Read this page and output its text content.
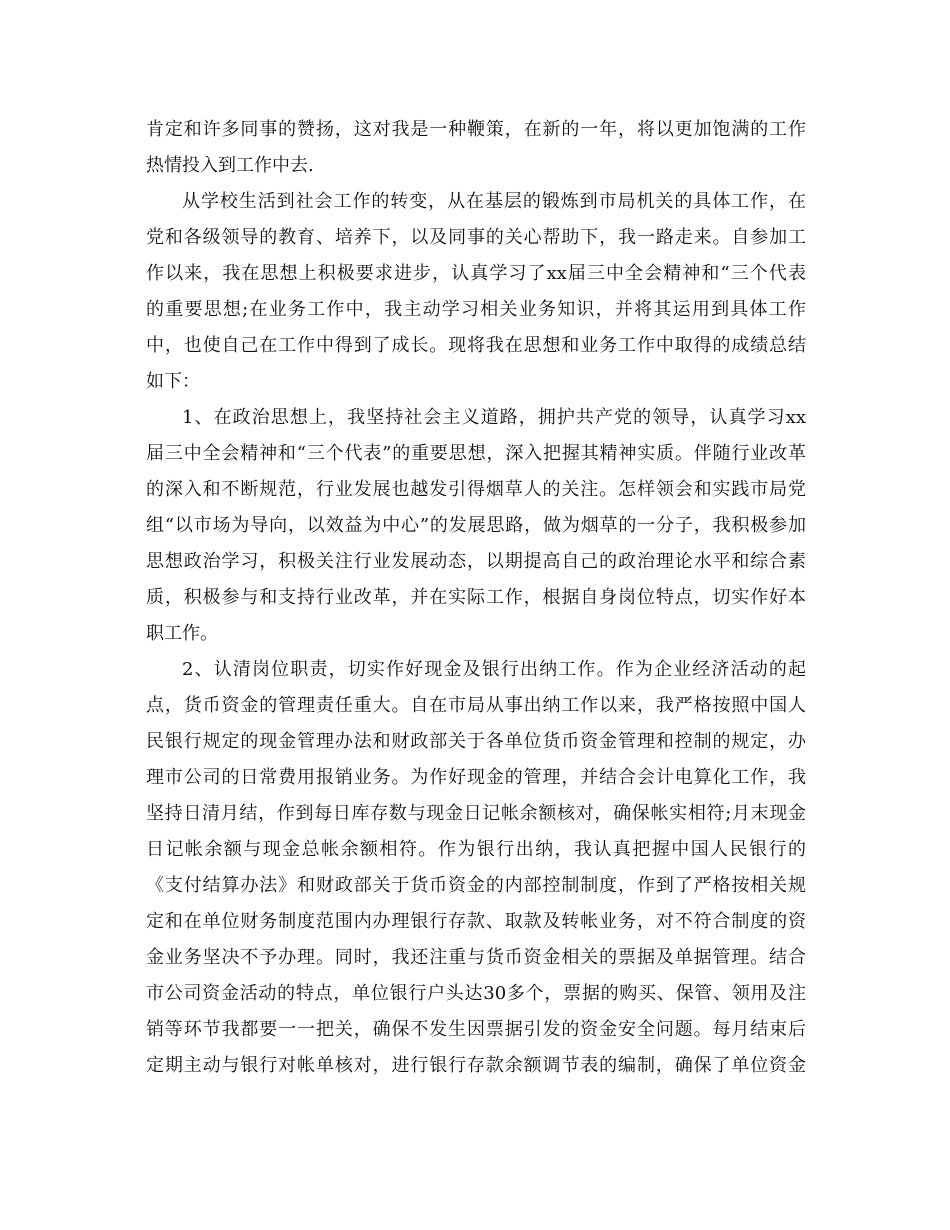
肯定和许多同事的赞扬，这对我是一种鞭策，在新的一年，将以更加饱满的工作
热情投入到工作中去.
从学校生活到社会工作的转变，从在基层的锻炼到市局机关的具体工作，在
党和各级领导的教育、培养下，以及同事的关心帮助下，我一路走来。自参加工
作以来，我在思想上积极要求进步，认真学习了xx届三中全会精神和“三个代表
的重要思想;在业务工作中，我主动学习相关业务知识，并将其运用到具体工作
中，也使自己在工作中得到了成长。现将我在思想和业务工作中取得的成绩总结
如下：
1、在政治思想上，我坚持社会主义道路，拥护共产党的领导，认真学习xx
届三中全会精神和“三个代表”的重要思想，深入把握其精神实质。伴随行业改革
的深入和不断规范，行业发展也越发引得烟草人的关注。怎样领会和实践市局党
组“以市场为导向，以效益为中心”的发展思路，做为烟草的一分子，我积极参加
思想政治学习，积极关注行业发展动态，以期提高自己的政治理论水平和综合素
质，积极参与和支持行业改革，并在实际工作，根据自身岗位特点，切实作好本
职工作。
2、认清岗位职责，切实作好现金及银行出纳工作。作为企业经济活动的起
点，货币资金的管理责任重大。自在市局从事出纳工作以来，我严格按照中国人
民银行规定的现金管理办法和财政部关于各单位货币资金管理和控制的规定，办
理市公司的日常费用报销业务。为作好现金的管理，并结合会计电算化工作，我
坚持日清月结，作到每日库存数与现金日记帐余额核对，确保帐实相符;月末现金
日记帐余额与现金总帐余额相符。作为银行出纳，我认真把握中国人民银行的
《支付结算办法》和财政部关于货币资金的内部控制制度，作到了严格按相关规
定和在单位财务制度范围内办理银行存款、取款及转帐业务，对不符合制度的资
金业务坚决不予办理。同时，我还注重与货币资金相关的票据及单据管理。结合
市公司资金活动的特点，单位银行户头达30多个，票据的购买、保管、领用及注
销等环节我都要一一把关，确保不发生因票据引发的资金安全问题。每月结束后
定期主动与银行对帐单核对，进行银行存款余额调节表的编制，确保了单位资金
